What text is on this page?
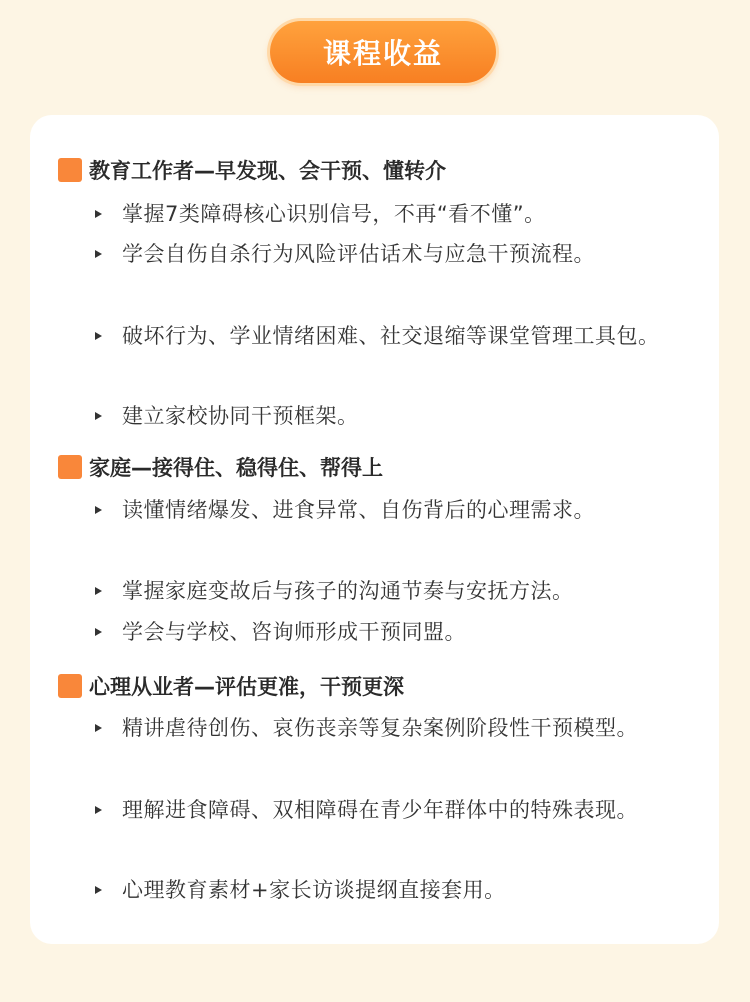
课程收益
教育工作者—早发现、会干预、懂转介
掌握7类障碍核心识别信号，不再“看不懂”。
学会自伤自杀行为风险评估话术与应急干预流程。
破坏行为、学业情绪困难、社交退缩等课堂管理工具包。
建立家校协同干预框架。
家庭—接得住、稳得住、帮得上
读懂情绪爆发、进食异常、自伤背后的心理需求。
掌握家庭变故后与孩子的沟通节奏与安抚方法。
学会与学校、咨询师形成干预同盟。
心理从业者—评估更准，干预更深
精讲虐待创伤、哀伤丧亲等复杂案例阶段性干预模型。
理解进食障碍、双相障碍在青少年群体中的特殊表现。
心理教育素材+家长访谈提纲直接套用。
